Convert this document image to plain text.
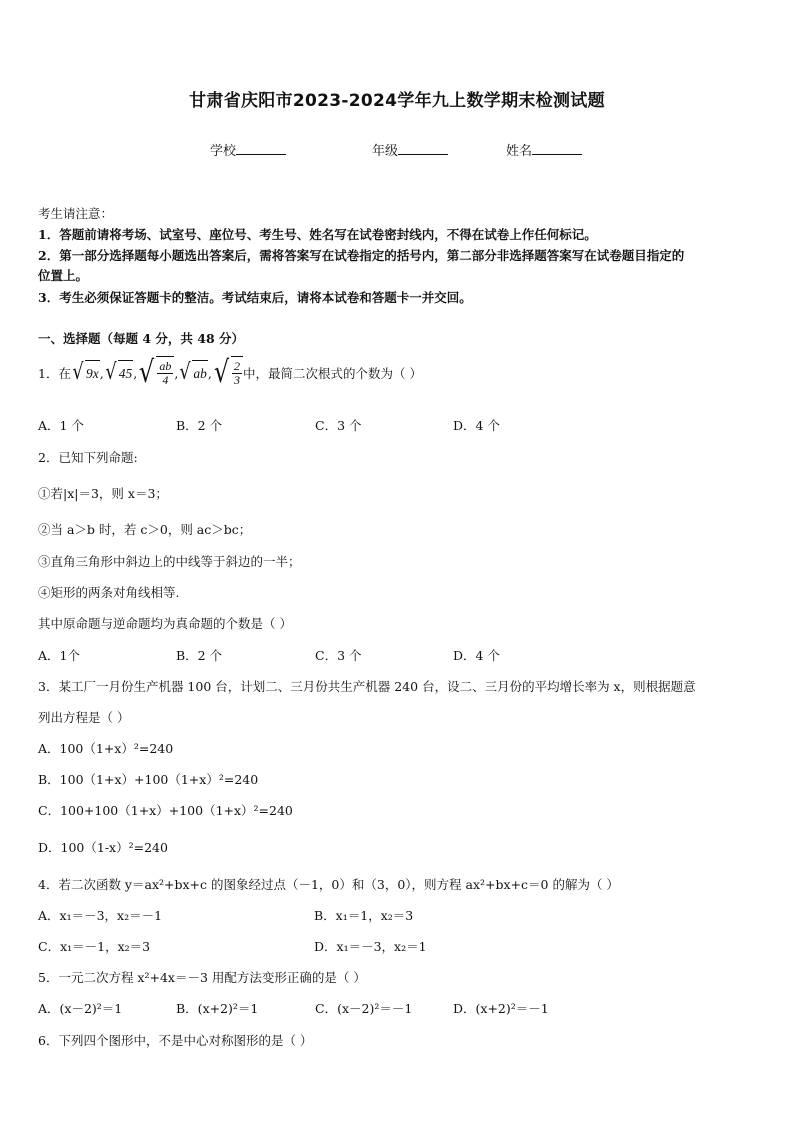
甘肃省庆阳市2023-2024学年九上数学期末检测试题
学校	年级	姓名
考生请注意：
1．答题前请将考场、试室号、座位号、考生号、姓名写在试卷密封线内，不得在试卷上作任何标记。
2．第一部分选择题每小题选出答案后，需将答案写在试卷指定的括号内，第二部分非选择题答案写在试卷题目指定的
位置上。
3．考生必须保证答题卡的整洁。考试结束后，请将本试卷和答题卡一并交回。
一、选择题（每题 4 分，共 48 分）
1．在 √ 9x , √ 45 , √ $\frac{ab}{4}$ , √ ab , √ $\frac{2}{3}$ 中，最简二次根式的个数为（ ）
A．1 个	B．2 个	C．3 个	D．4 个
2．已知下列命题:
①若|x|＝3，则 x＝3；
②当 a＞b 时，若 c＞0，则 ac＞bc；
③直角三角形中斜边上的中线等于斜边的一半；
④矩形的两条对角线相等.
其中原命题与逆命题均为真命题的个数是（ ）
A．1个	B．2 个	C．3 个	D．4 个
3．某工厂一月份生产机器 100 台，计划二、三月份共生产机器 240 台，设二、三月份的平均增长率为 x，则根据题意
列出方程是（ ）
A．100（1+x）²=240
B．100（1+x）+100（1+x）²=240
C．100+100（1+x）+100（1+x）²=240
D．100（1-x）²=240
4．若二次函数 y＝ax²+bx+c 的图象经过点（－1，0）和（3，0），则方程 ax²+bx+c＝0 的解为（ ）
A．x₁＝－3，x₂＝－1	B．x₁＝1，x₂＝3
C．x₁＝－1，x₂＝3	D．x₁＝－3，x₂＝1
5．一元二次方程 x²+4x＝－3 用配方法变形正确的是（ ）
A．(x－2)²＝1	B．(x+2)²＝1	C．(x－2)²＝－1	D．(x+2)²＝－1
6．下列四个图形中，不是中心对称图形的是（ ）
